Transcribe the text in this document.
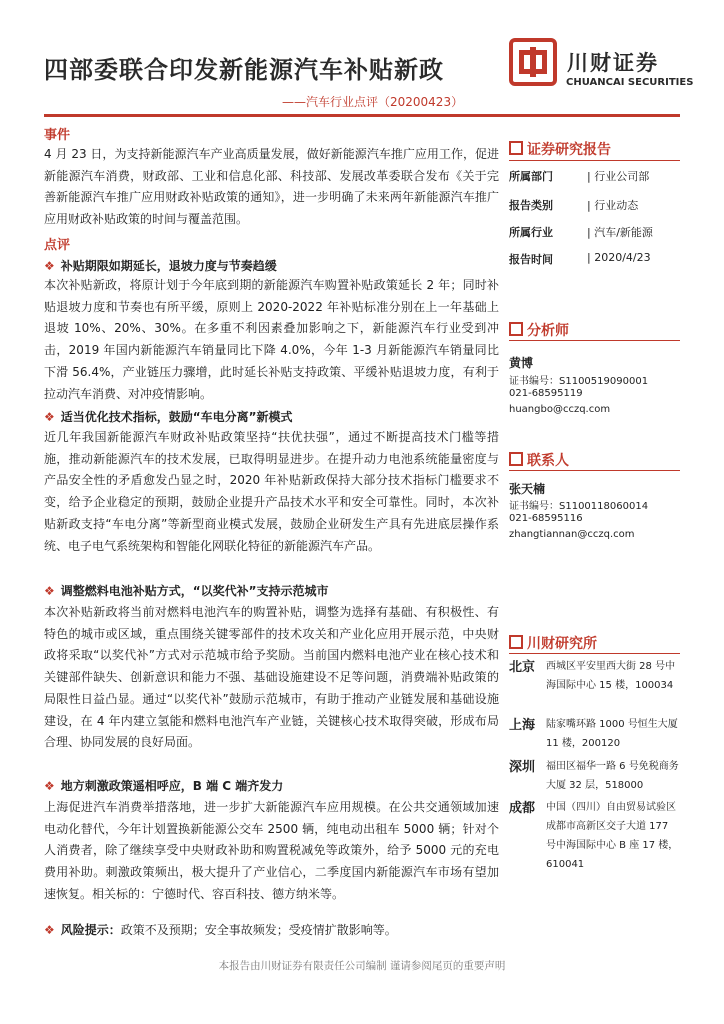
四部委联合印发新能源汽车补贴新政
——汽车行业点评（20200423）
川财证券
CHUANCAI SECURITIES
事件
4 月 23 日，为支持新能源汽车产业高质量发展，做好新能源汽车推广应用工作，促进新能源汽车消费，财政部、工业和信息化部、科技部、发展改革委联合发布《关于完善新能源汽车推广应用财政补贴政策的通知》，进一步明确了未来两年新能源汽车推广应用财政补贴政策的时间与覆盖范围。
点评
❖ 补贴期限如期延长，退坡力度与节奏趋缓
本次补贴新政，将原计划于今年底到期的新能源汽车购置补贴政策延长 2 年；同时补贴退坡力度和节奏也有所平缓，原则上 2020-2022 年补贴标准分别在上一年基础上退坡 10%、20%、30%。在多重不利因素叠加影响之下，新能源汽车行业受到冲击，2019 年国内新能源汽车销量同比下降 4.0%，今年 1-3 月新能源汽车销量同比下滑 56.4%，产业链压力骤增，此时延长补贴支持政策、平缓补贴退坡力度，有利于拉动汽车消费、对冲疫情影响。
❖ 适当优化技术指标，鼓励“车电分离”新模式
近几年我国新能源汽车财政补贴政策坚持“扶优扶强”，通过不断提高技术门槛等措施，推动新能源汽车的技术发展，已取得明显进步。在提升动力电池系统能量密度与产品安全性的矛盾愈发凸显之时，2020 年补贴新政保持大部分技术指标门槛要求不变，给予企业稳定的预期，鼓励企业提升产品技术水平和安全可靠性。同时，本次补贴新政支持“车电分离”等新型商业模式发展，鼓励企业研发生产具有先进底层操作系统、电子电气系统架构和智能化网联化特征的新能源汽车产品。
❖ 调整燃料电池补贴方式，“以奖代补”支持示范城市
本次补贴新政将当前对燃料电池汽车的购置补贴，调整为选择有基础、有积极性、有特色的城市或区域，重点围绕关键零部件的技术攻关和产业化应用开展示范，中央财政将采取“以奖代补”方式对示范城市给予奖励。当前国内燃料电池产业在核心技术和关键部件缺失、创新意识和能力不强、基础设施建设不足等问题，消费端补贴政策的局限性日益凸显。通过“以奖代补”鼓励示范城市，有助于推动产业链发展和基础设施建设，在 4 年内建立氢能和燃料电池汽车产业链，关键核心技术取得突破，形成布局合理、协同发展的良好局面。
❖ 地方刺激政策遥相呼应，B 端 C 端齐发力
上海促进汽车消费举措落地，进一步扩大新能源汽车应用规模。在公共交通领域加速电动化替代，今年计划置换新能源公交车 2500 辆，纯电动出租车 5000 辆；针对个人消费者，除了继续享受中央财政补助和购置税减免等政策外，给予 5000 元的充电费用补助。刺激政策频出，极大提升了产业信心，二季度国内新能源汽车市场有望加速恢复。相关标的：宁德时代、容百科技、德方纳米等。
❖ 风险提示：政策不及预期；安全事故频发；受疫情扩散影响等。
证券研究报告
所属部门	| 行业公司部
报告类别	| 行业动态
所属行业	| 汽车/新能源
报告时间	| 2020/4/23
分析师
黄博
证书编号：S1100519090001
021-68595119
huangbo@cczq.com
联系人
张天楠
证书编号：S1100118060014
021-68595116
zhangtiannan@cczq.com
川财研究所
北京 西城区平安里西大街 28 号中海国际中心 15 楼，100034
上海 陆家嘴环路 1000 号恒生大厦 11 楼，200120
深圳 福田区福华一路 6 号免税商务大厦 32 层，518000
成都 中国（四川）自由贸易试验区成都市高新区交子大道 177 号中海国际中心 B 座 17 楼，610041
本报告由川财证券有限责任公司编制 谨请参阅尾页的重要声明
